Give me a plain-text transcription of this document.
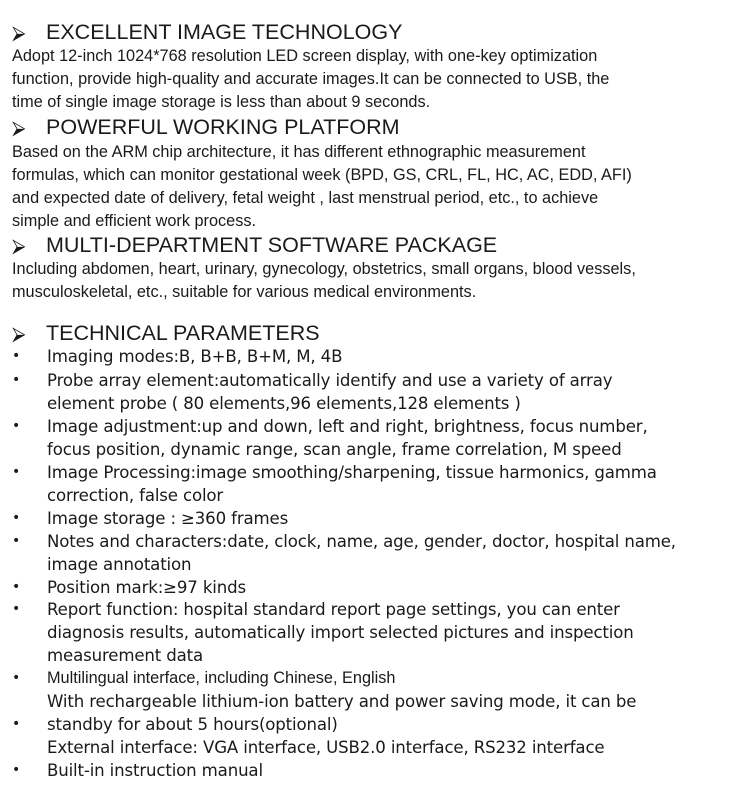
⮚ EXCELLENT IMAGE TECHNOLOGY
Adopt 12-inch 1024*768 resolution LED screen display, with one-key optimization
function, provide high-quality and accurate images.It can be connected to USB, the
time of single image storage is less than about 9 seconds.
⮚ POWERFUL WORKING PLATFORM
Based on the ARM chip architecture, it has different ethnographic measurement
formulas, which can monitor gestational week (BPD, GS, CRL, FL, HC, AC, EDD, AFI)
and expected date of delivery, fetal weight , last menstrual period, etc., to achieve
simple and efficient work process.
⮚ MULTI-DEPARTMENT SOFTWARE PACKAGE
Including abdomen, heart, urinary, gynecology, obstetrics, small organs, blood vessels,
musculoskeletal, etc., suitable for various medical environments.
⮚ TECHNICAL PARAMETERS
• Imaging modes:B, B+B, B+M, M, 4B
• Probe array element:automatically identify and use a variety of array
element probe ( 80 elements,96 elements,128 elements )
• Image adjustment:up and down, left and right, brightness, focus number,
focus position, dynamic range, scan angle, frame correlation, M speed
• Image Processing:image smoothing/sharpening, tissue harmonics, gamma
correction, false color
• Image storage : ≥360 frames
• Notes and characters:date, clock, name, age, gender, doctor, hospital name,
image annotation
• Position mark:≥97 kinds
• Report function: hospital standard report page settings, you can enter
diagnosis results, automatically import selected pictures and inspection
measurement data
• Multilingual interface, including Chinese, English
•
With rechargeable lithium-ion battery and power saving mode, it can be
standby for about 5 hours(optional)
External interface: VGA interface, USB2.0 interface, RS232 interface
• Built-in instruction manual
